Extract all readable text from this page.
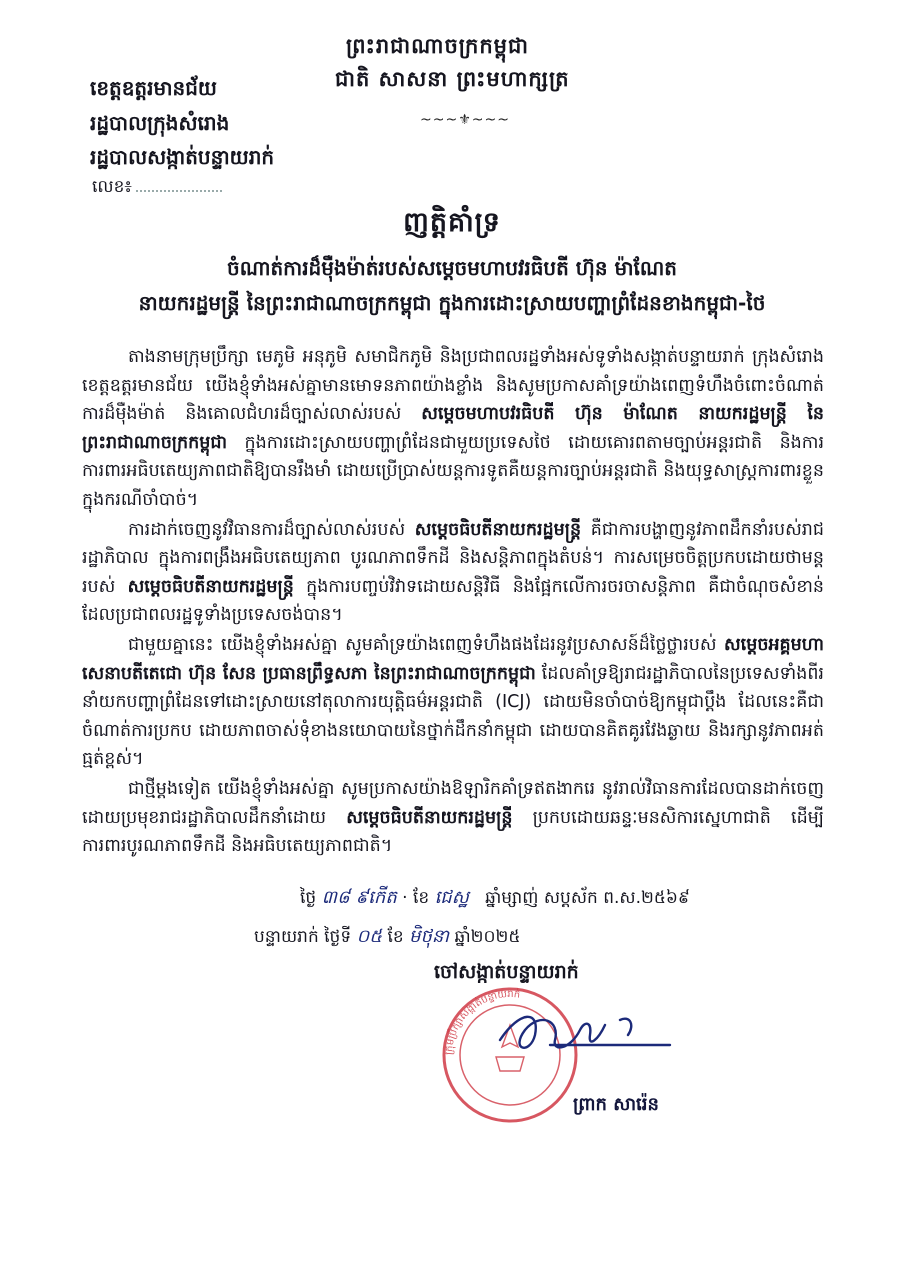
ព្រះរាជាណាចក្រកម្ពុជា
ជាតិ សាសនា ព្រះមហាក្សត្រ
~~~⚜~~~
ខេត្តឧត្តរមានជ័យ
រដ្ឋបាលក្រុងសំរោង
រដ្ឋបាលសង្កាត់បន្ទាយរាក់
លេខ៖
ញត្តិគាំទ្រ
ចំណាត់ការដ៏ម៉ឺងម៉ាត់របស់សម្ដេចមហាបវរធិបតី ហ៊ុន ម៉ាណែត
នាយករដ្ឋមន្ត្រី នៃព្រះរាជាណាចក្រកម្ពុជា ក្នុងការដោះស្រាយបញ្ហាព្រំដែនខាងកម្ពុជា-ថៃ

តាងនាមក្រុមប្រឹក្សា មេភូមិ អនុភូមិ សមាជិកភូមិ និងប្រជាពលរដ្ឋទាំងអស់ទូទាំងសង្កាត់បន្ទាយរាក់ ក្រុងសំរោង ខេត្តឧត្តរមានជ័យ យើងខ្ញុំទាំងអស់គ្នាមានមោទនភាពយ៉ាងខ្លាំង និងសូមប្រកាសគាំទ្រយ៉ាងពេញទំហឹងចំពោះចំណាត់ការដ៏ម៉ឺងម៉ាត់ និងគោលជំហរដ៏ច្បាស់លាស់របស់ សម្ដេចមហាបវរធិបតី ហ៊ុន ម៉ាណែត នាយករដ្ឋមន្ត្រី នៃព្រះរាជាណាចក្រកម្ពុជា ក្នុងការដោះស្រាយបញ្ហាព្រំដែនជាមួយប្រទេសថៃ ដោយគោរពតាមច្បាប់អន្តរជាតិ និងការ ការពារអធិបតេយ្យភាពជាតិឱ្យបានរឹងមាំ ដោយប្រើប្រាស់យន្តការទូតគឺយន្តការច្បាប់អន្តរជាតិ និងយុទ្ធសាស្ត្រការពារខ្លួនក្នុងករណីចាំបាច់។

ការដាក់ចេញនូវវិធានការដ៏ច្បាស់លាស់របស់ សម្ដេចធិបតីនាយករដ្ឋមន្ត្រី គឺជាការបង្ហាញនូវភាពដឹកនាំរបស់រាជរដ្ឋាភិបាល ក្នុងការពង្រឹងអធិបតេយ្យភាព បូរណភាពទឹកដី និងសន្តិភាពក្នុងតំបន់។ ការសម្រេចចិត្តប្រកបដោយថាមន្តរបស់ សម្ដេចធិបតីនាយករដ្ឋមន្ត្រី ក្នុងការបញ្ចប់វិវាទដោយសន្តិវិធី និងផ្អែកលើការចរចាសន្តិភាព គឺជាចំណុចសំខាន់ដែលប្រជាពលរដ្ឋទូទាំងប្រទេសចង់បាន។

ជាមួយគ្នានេះ យើងខ្ញុំទាំងអស់គ្នា សូមគាំទ្រយ៉ាងពេញទំហឹងផងដែរនូវប្រសាសន៍ដ៏ថ្លៃថ្លារបស់ សម្ដេចអគ្គមហាសេនាបតីតេជោ ហ៊ុន សែន ប្រធានព្រឹទ្ធសភា នៃព្រះរាជាណាចក្រកម្ពុជា ដែលគាំទ្រឱ្យរាជរដ្ឋាភិបាលនៃប្រទេសទាំងពីរនាំយកបញ្ហាព្រំដែនទៅដោះស្រាយនៅតុលាការយុត្តិធម៌អន្តរជាតិ (ICJ) ដោយមិនចាំបាច់ឱ្យកម្ពុជាប្ដឹង ដែលនេះគឺជាចំណាត់ការប្រកប ដោយភាពចាស់ទុំខាងនយោបាយនៃថ្នាក់ដឹកនាំកម្ពុជា ដោយបានគិតគូរវែងឆ្ងាយ និងរក្សានូវភាពអត់ធ្មត់ខ្ពស់។

ជាថ្មីម្ដងទៀត យើងខ្ញុំទាំងអស់គ្នា សូមប្រកាសយ៉ាងឱឡារិកគាំទ្រឥតងាករេ នូវរាល់វិធានការដែលបានដាក់ចេញដោយប្រមុខរាជរដ្ឋាភិបាលដឹកនាំដោយ សម្ដេចធិបតីនាយករដ្ឋមន្ត្រី ប្រកបដោយឆន្ទៈមនសិការស្នេហាជាតិ ដើម្បីការពារបូរណភាពទឹកដី និងអធិបតេយ្យភាពជាតិ។

ថ្ងៃ ៣៨ ៩កើត · ខែ ជេស្ឋ ឆ្នាំម្សាញ់ សប្តស័ក ព.ស.២៥៦៩
បន្ទាយរាក់ ថ្ងៃទី ០៥ ខែ មិថុនា ឆ្នាំ២០២៥
ចៅសង្កាត់បន្ទាយរាក់
ក្រុមប្រឹក្សាសង្កាត់បន្ទាយរាក់
ព្រាក សារ៉េន
